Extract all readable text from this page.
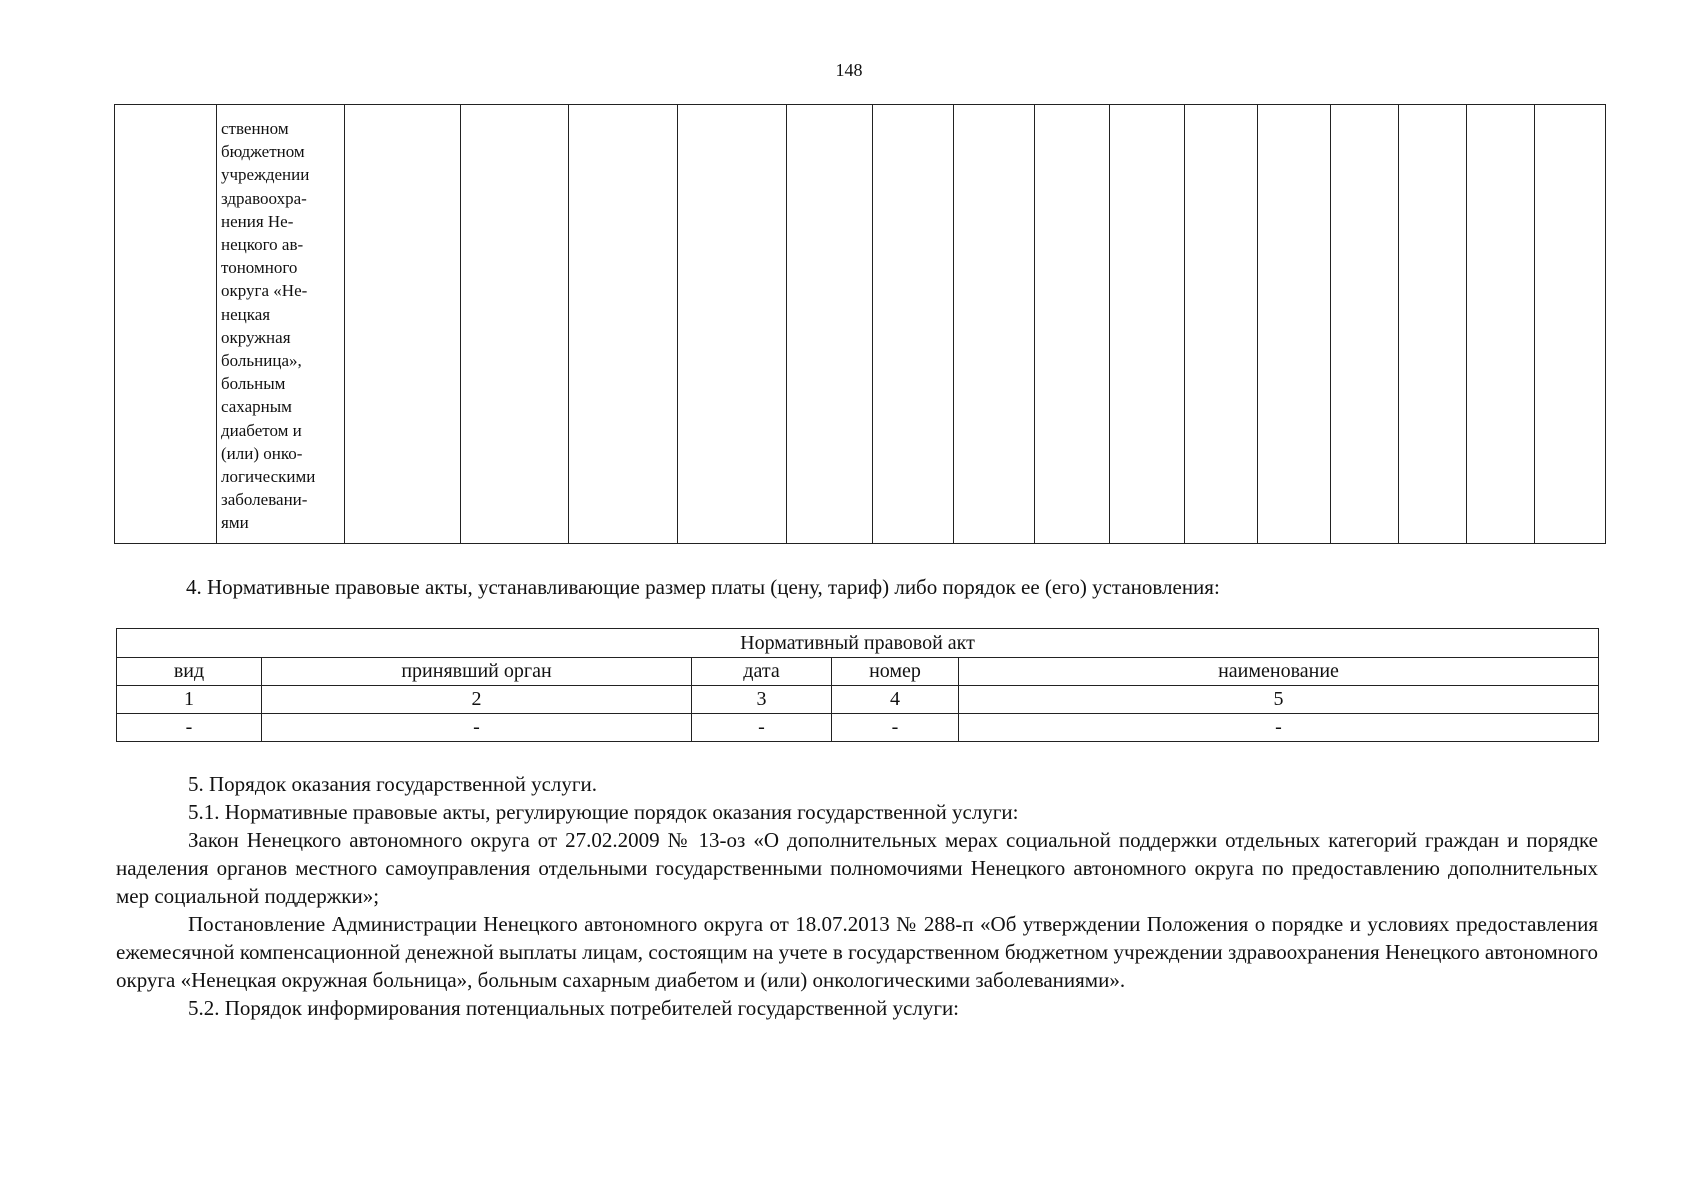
148

ственном
бюджетном
учреждении
здравоохра-
нения Не-
нецкого ав-
тономного
округа «Не-
нецкая
окружная
больница»,
больным
сахарным
диабетом и
(или) онко-
логическими
заболевани-
ями

4. Нормативные правовые акты, устанавливающие размер платы (цену, тариф) либо порядок ее (его) установления:
Нормативный правовой акт				
вид	принявший орган	дата	номер	наименование
1	2	3	4	5
-	-	-	-	-

5. Порядок оказания государственной услуги.

5.1. Нормативные правовые акты, регулирующие порядок оказания государственной услуги:

Закон Ненецкого автономного округа от 27.02.2009 № 13-оз «О дополнительных мерах социальной поддержки отдельных категорий граждан и порядке наделения органов местного самоуправления отдельными государственными полномочиями Ненецкого автономного округа по предоставлению дополнительных мер социальной поддержки»;

Постановление Администрации Ненецкого автономного округа от 18.07.2013 № 288-п «Об утверждении Положения о порядке и условиях предоставления ежемесячной компенсационной денежной выплаты лицам, состоящим на учете в государственном бюджетном учреждении здравоохранения Ненецкого автономного округа «Ненецкая окружная больница», больным сахарным диабетом и (или) онкологическими заболеваниями».

5.2. Порядок информирования потенциальных потребителей государственной услуги:
